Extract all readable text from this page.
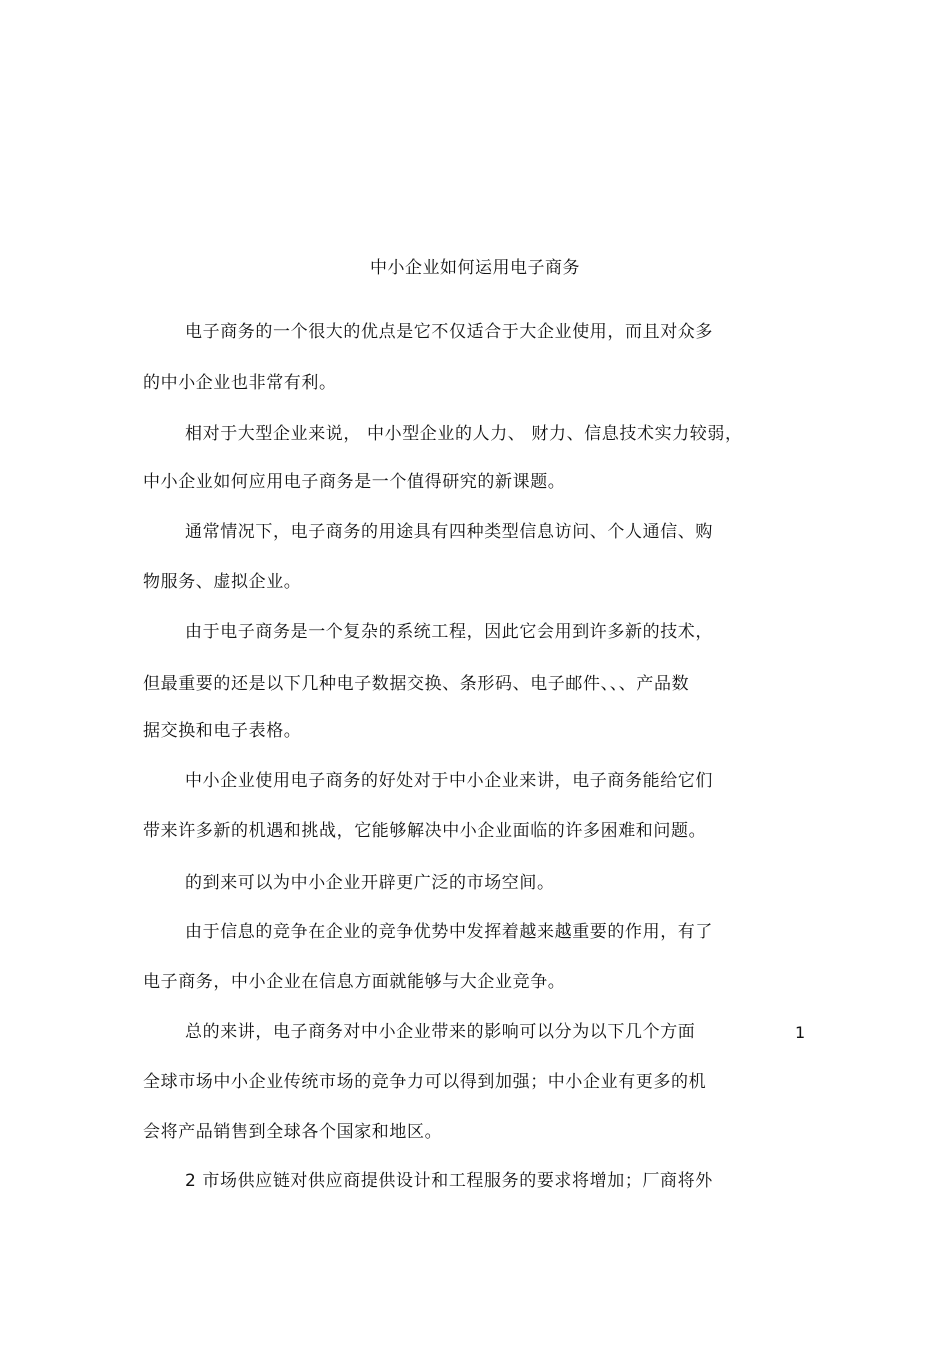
中小企业如何运用电子商务
电子商务的一个很大的优点是它不仅适合于大企业使用，而且对众多
的中小企业也非常有利。
相对于大型企业来说， 中小型企业的人力、 财力、信息技术实力较弱，
中小企业如何应用电子商务是一个值得研究的新课题。
通常情况下，电子商务的用途具有四种类型信息访问、个人通信、购
物服务、虚拟企业。
由于电子商务是一个复杂的系统工程，因此它会用到许多新的技术，
但最重要的还是以下几种电子数据交换、条形码、电子邮件、、、产品数
据交换和电子表格。
中小企业使用电子商务的好处对于中小企业来讲，电子商务能给它们
带来许多新的机遇和挑战，它能够解决中小企业面临的许多困难和问题。
的到来可以为中小企业开辟更广泛的市场空间。
由于信息的竞争在企业的竞争优势中发挥着越来越重要的作用，有了
电子商务，中小企业在信息方面就能够与大企业竞争。
总的来讲，电子商务对中小企业带来的影响可以分为以下几个方面	1
全球市场中小企业传统市场的竞争力可以得到加强；中小企业有更多的机
会将产品销售到全球各个国家和地区。
2 市场供应链对供应商提供设计和工程服务的要求将增加；厂商将外
